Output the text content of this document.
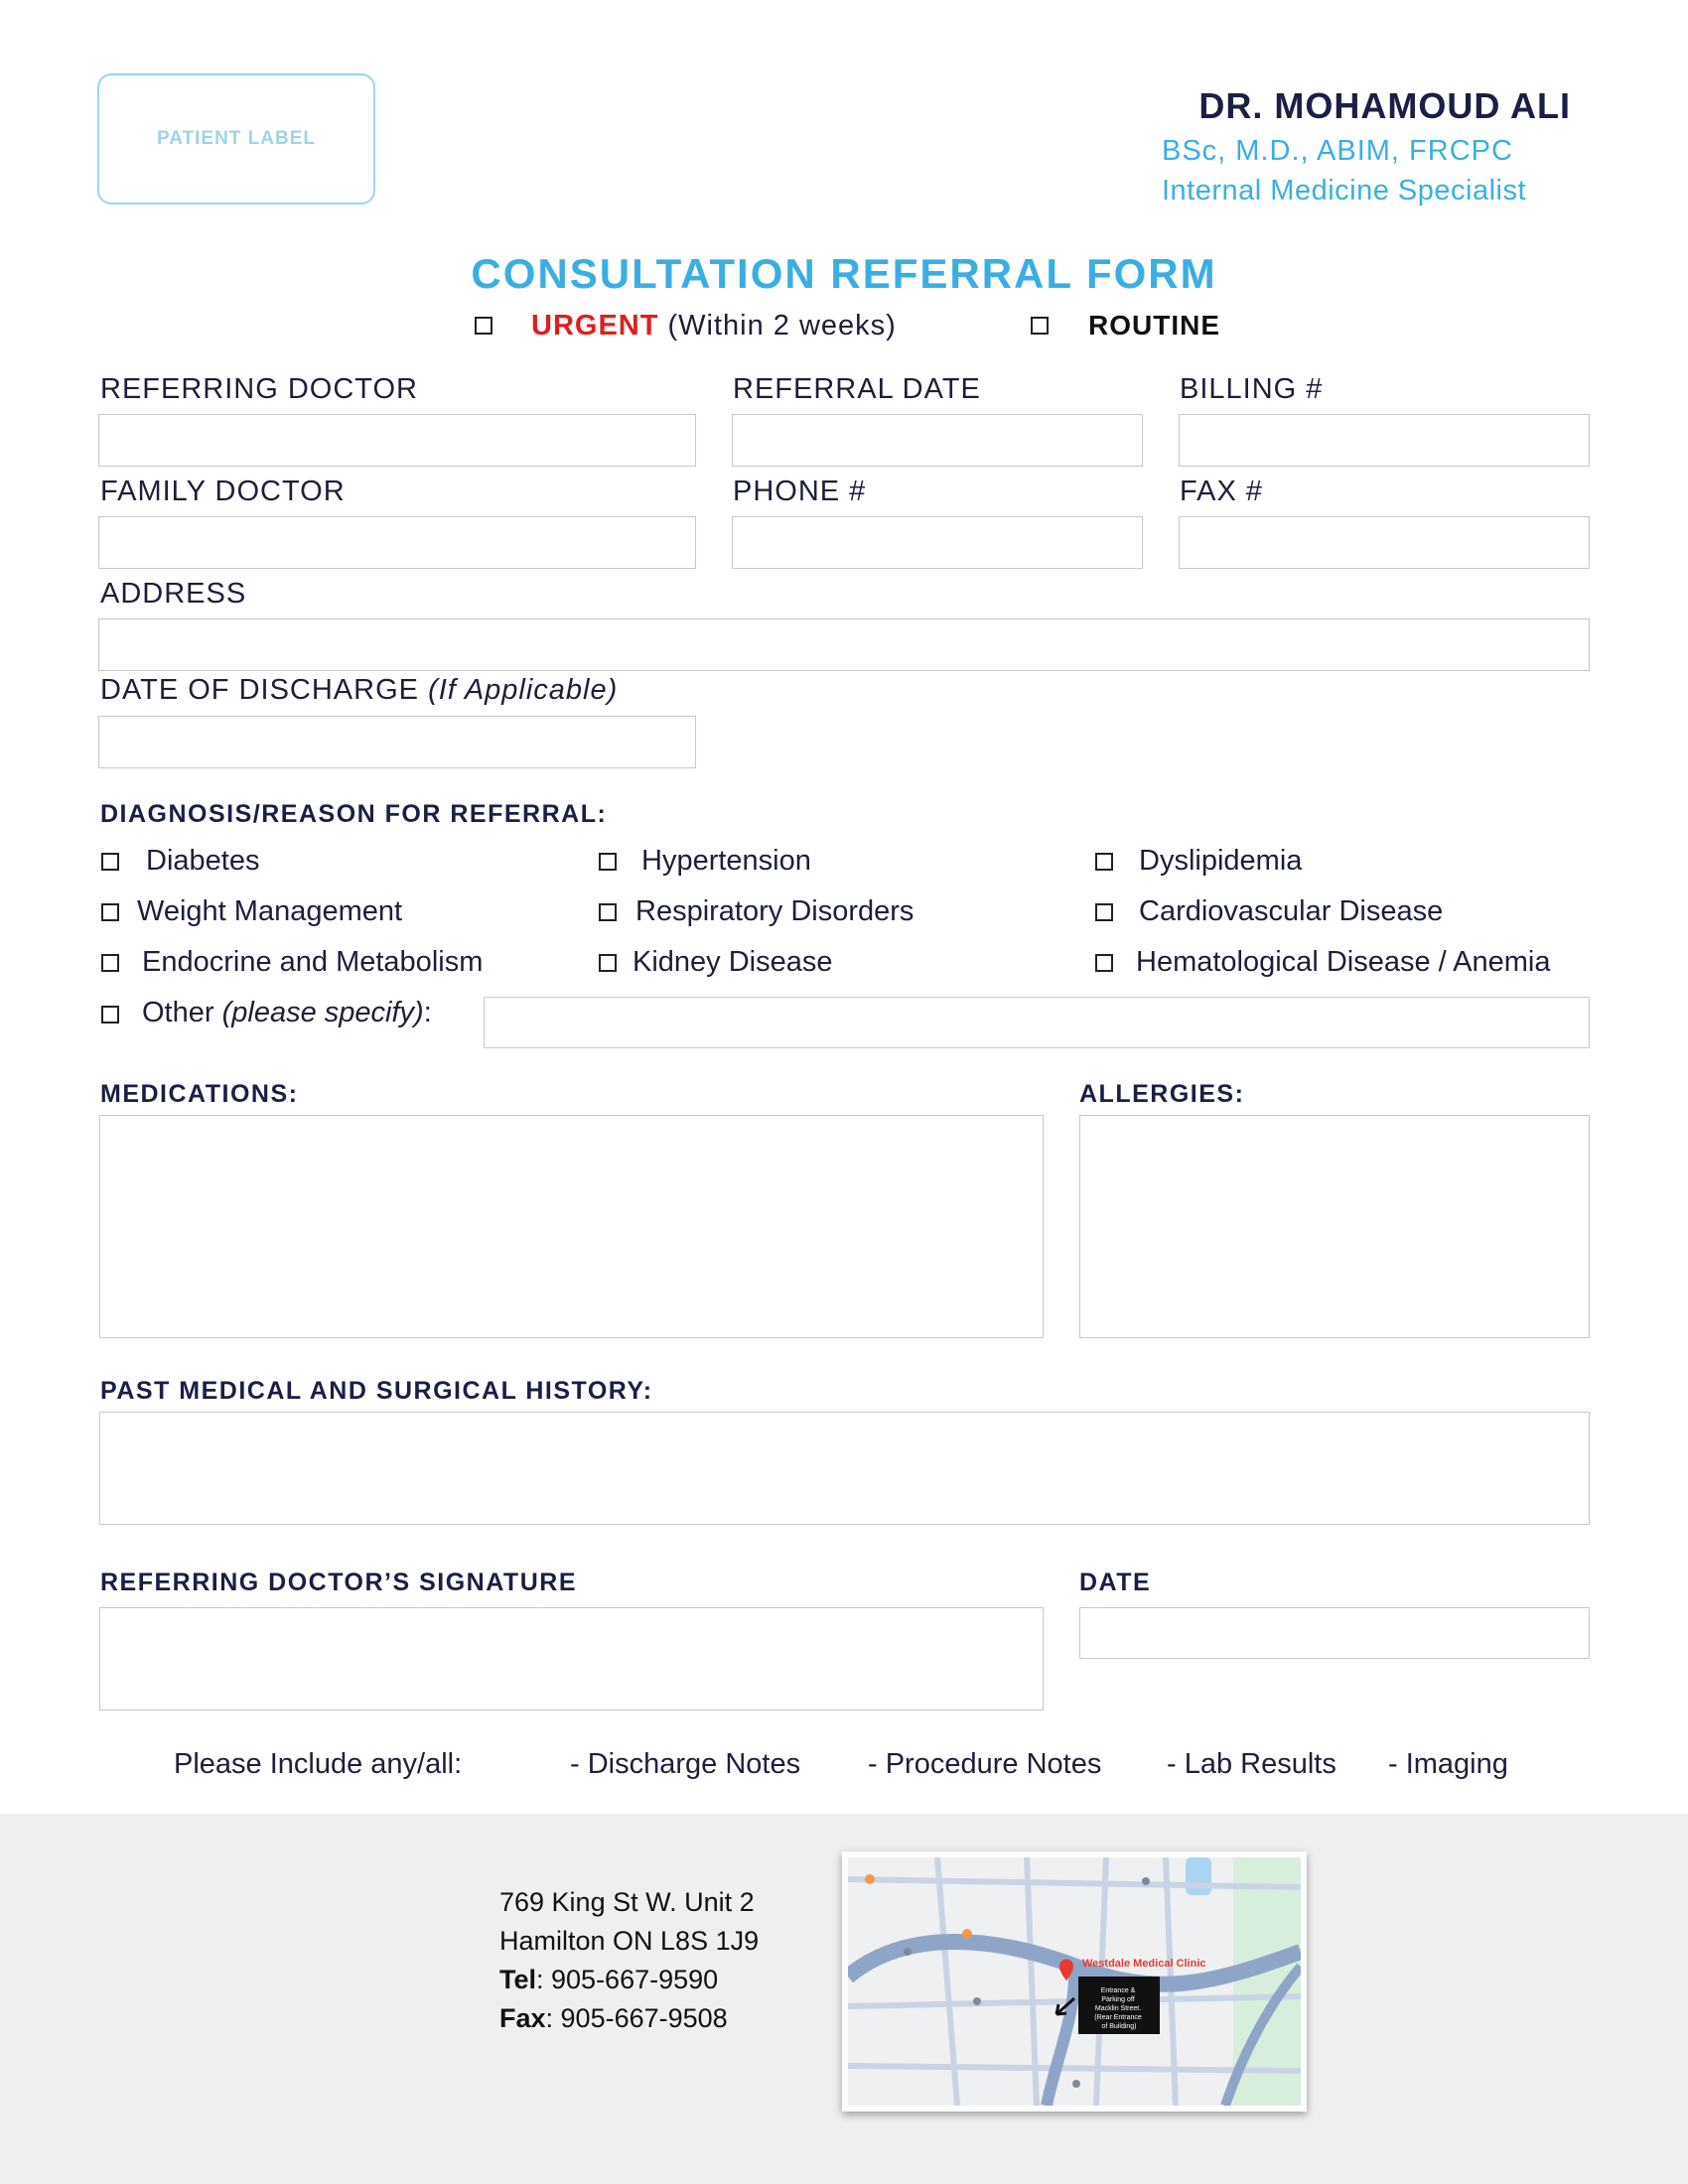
PATIENT LABEL
DR. MOHAMOUD ALI
BSc, M.D., ABIM, FRCPC
Internal Medicine Specialist
CONSULTATION REFERRAL FORM
URGENT (Within 2 weeks)	ROUTINE
REFERRING DOCTOR	REFERRAL DATE	BILLING #
FAMILY DOCTOR	PHONE #	FAX #
ADDRESS
DATE OF DISCHARGE (If Applicable)
DIAGNOSIS/REASON FOR REFERRAL:
Diabetes	Hypertension	Dyslipidemia
Weight Management	Respiratory Disorders	Cardiovascular Disease
Endocrine and Metabolism	Kidney Disease	Hematological Disease / Anemia
Other (please specify):
MEDICATIONS:	ALLERGIES:
PAST MEDICAL AND SURGICAL HISTORY:
REFERRING DOCTOR’S SIGNATURE	DATE
Please Include any/all:	- Discharge Notes - Procedure Notes - Lab Results - Imaging
769 King St W. Unit 2
Hamilton ON L8S 1J9
Tel: 905-667-9590
Fax: 905-667-9508
Westdale Medical Clinic
Entrance & Parking off Macklin Street. (Rear Entrance of Building)
